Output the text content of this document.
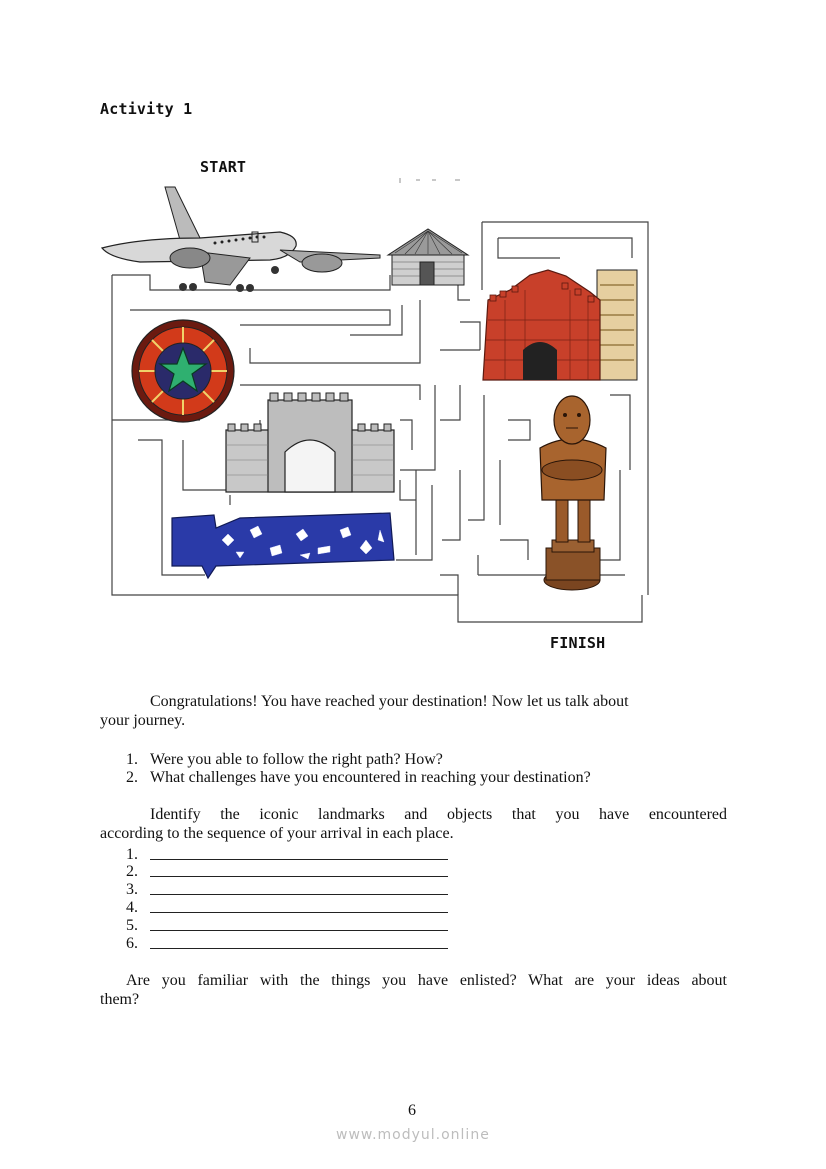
Activity 1
START
FINISH
Congratulations! You have reached your destination! Now let us talk about
your journey.
1. Were you able to follow the right path? How?
2. What challenges have you encountered in reaching your destination?
Identify the iconic landmarks and objects that you have encountered
according to the sequence of your arrival in each place.
1.
2.
3.
4.
5.
6.
Are you familiar with the things you have enlisted? What are your ideas about
them?
6
www.modyul.online
